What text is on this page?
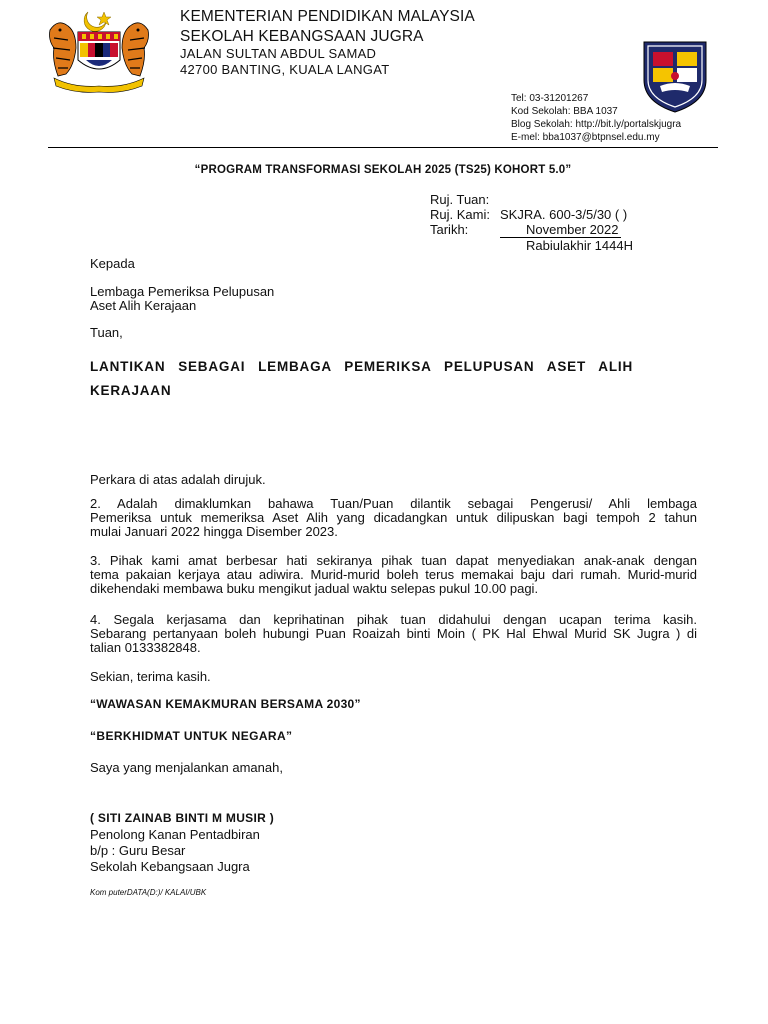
KEMENTERIAN PENDIDIKAN MALAYSIA
SEKOLAH KEBANGSAAN JUGRA
JALAN SULTAN ABDUL SAMAD
42700 BANTING, KUALA LANGAT
Tel: 03-31201267
Kod Sekolah: BBA 1037
Blog Sekolah: http://bit.ly/portalskjugra
E-mel: bba1037@btpnsel.edu.my
“PROGRAM TRANSFORMASI SEKOLAH 2025 (TS25) KOHORT 5.0”
Ruj. Tuan:	
Ruj. Kami:	SKJRA. 600-3/5/30 ( )
Tarikh:	November 2022
	Rabiulakhir 1444H
Kepada
Lembaga Pemeriksa Pelupusan
Aset Alih Kerajaan
Tuan,
LANTIKAN SEBAGAI LEMBAGA PEMERIKSA PELUPUSAN ASET ALIH
KERAJAAN
Perkara di atas adalah dirujuk.
2. Adalah dimaklumkan bahawa Tuan/Puan dilantik sebagai Pengerusi/ Ahli lembaga
Pemeriksa untuk memeriksa Aset Alih yang dicadangkan untuk dilipuskan bagi tempoh 2 tahun
mulai Januari 2022 hingga Disember 2023.
3. Pihak kami amat berbesar hati sekiranya pihak tuan dapat menyediakan anak-anak dengan
tema pakaian kerjaya atau adiwira. Murid-murid boleh terus memakai baju dari rumah. Murid-murid
dikehendaki membawa buku mengikut jadual waktu selepas pukul 10.00 pagi.
4. Segala kerjasama dan keprihatinan pihak tuan didahului dengan ucapan terima kasih.
Sebarang pertanyaan boleh hubungi Puan Roaizah binti Moin ( PK Hal Ehwal Murid SK Jugra ) di
talian 0133382848.
Sekian, terima kasih.
“WAWASAN KEMAKMURAN BERSAMA 2030”
“BERKHIDMAT UNTUK NEGARA”
Saya yang menjalankan amanah,
( SITI ZAINAB BINTI M MUSIR )
Penolong Kanan Pentadbiran
b/p : Guru Besar
Sekolah Kebangsaan Jugra
Kom puterDATA(D:)/ KALAI/UBK
